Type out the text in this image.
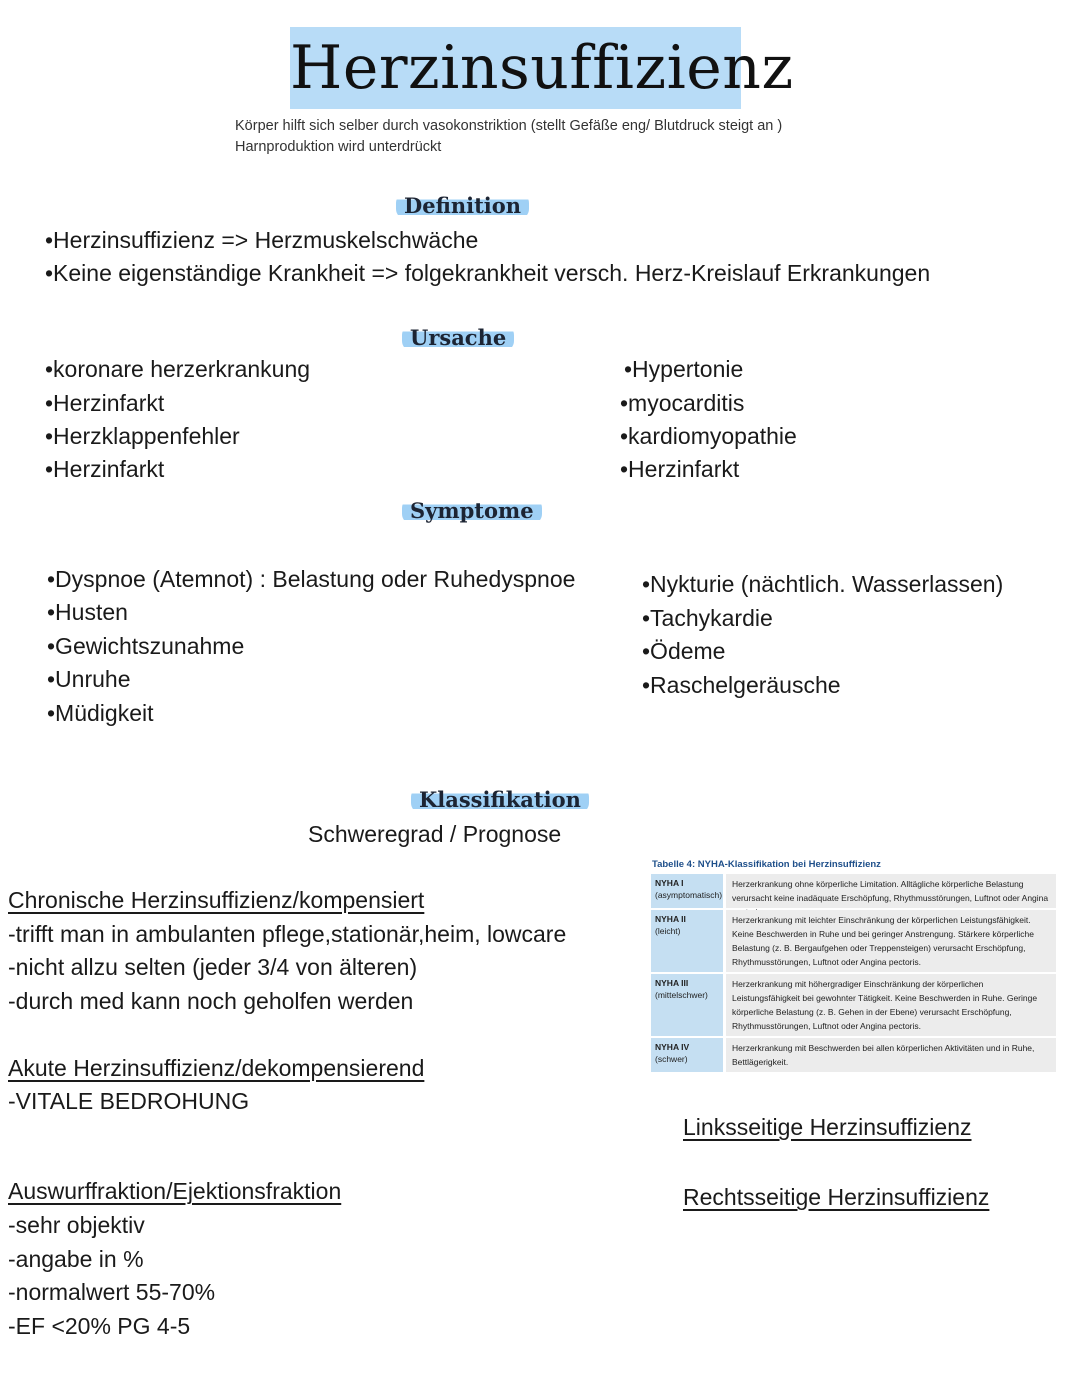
Herzinsuffizienz
Körper hilft sich selber durch vasokonstriktion (stellt Gefäße eng/ Blutdruck steigt an )
Harnproduktion wird unterdrückt
Definition
•Herzinsuffizienz => Herzmuskelschwäche
•Keine eigenständige Krankheit => folgekrankheit versch. Herz-Kreislauf Erkrankungen
Ursache
•koronare herzerkrankung
•Herzinfarkt
•Herzklappenfehler
•Herzinfarkt
•Hypertonie
•myocarditis
•kardiomyopathie
•Herzinfarkt
Symptome
•Dyspnoe (Atemnot) : Belastung oder Ruhedyspnoe
•Husten
•Gewichtszunahme
•Unruhe
•Müdigkeit
•Nykturie (nächtlich. Wasserlassen)
•Tachykardie
•Ödeme
•Raschelgeräusche
Klassifikation
Schweregrad / Prognose
Chronische Herzinsuffizienz/kompensiert
-trifft man in ambulanten pflege,stationär,heim, lowcare
-nicht allzu selten (jeder 3/4 von älteren)
-durch med kann noch geholfen werden
Akute Herzinsuffizienz/dekompensierend
-VITALE BEDROHUNG
Auswurffraktion/Ejektionsfraktion
-sehr objektiv
-angabe in %
-normalwert 55-70%
-EF <20% PG 4-5
Tabelle 4: NYHA-Klassifikation bei Herzinsuffizienz
NYHA I
(asymptomatisch)
Herzerkrankung ohne körperliche Limitation. Alltägliche körperliche Belastung verursacht keine inadäquate Erschöpfung, Rhythmusstörungen, Luftnot oder Angina
NYHA II
(leicht)
Herzerkrankung mit leichter Einschränkung der körperlichen Leistungsfähigkeit. Keine Beschwerden in Ruhe und bei geringer Anstrengung. Stärkere körperliche Belastung (z. B. Bergaufgehen oder Treppensteigen) verursacht Erschöpfung, Rhythmusstörungen, Luftnot oder Angina pectoris.
NYHA III
(mittelschwer)
Herzerkrankung mit höhergradiger Einschränkung der körperlichen Leistungsfähigkeit bei gewohnter Tätigkeit. Keine Beschwerden in Ruhe. Geringe körperliche Belastung (z. B. Gehen in der Ebene) verursacht Erschöpfung, Rhythmusstörungen, Luftnot oder Angina pectoris.
NYHA IV
(schwer)
Herzerkrankung mit Beschwerden bei allen körperlichen Aktivitäten und in Ruhe, Bettlägerigkeit.
Linksseitige Herzinsuffizienz
Rechtsseitige Herzinsuffizienz
